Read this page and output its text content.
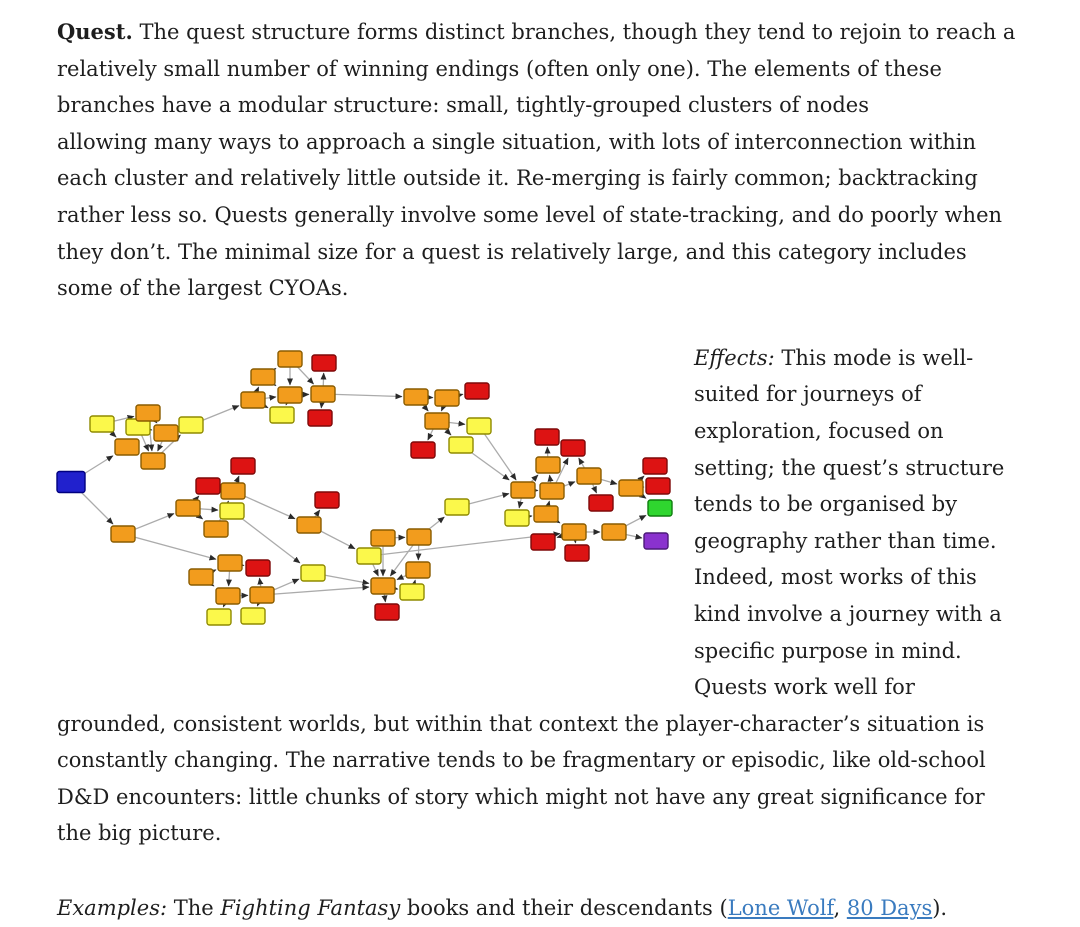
Quest. The quest structure forms distinct branches, though they tend to rejoin to reach a relatively small number of winning endings (often only one). The elements of these branches have a modular structure: small, tightly-grouped clusters of nodes
allowing many ways to approach a single situation, with lots of interconnection within each cluster and relatively little outside it. Re-merging is fairly common; backtracking rather less so. Quests generally involve some level of state-tracking, and do poorly when they don’t. The minimal size for a quest is relatively large, and this category includes some of the largest CYOAs.

Effects: This mode is well-suited for journeys of exploration, focused on setting; the quest’s structure tends to be organised by geography rather than time. Indeed, most works of this kind involve a journey with a specific purpose in mind. Quests work well for grounded, consistent worlds, but within that context the player-character’s situation is constantly changing. The narrative tends to be fragmentary or episodic, like old-school D&D encounters: little chunks of story which might not have any great significance for the big picture.

Examples: The Fighting Fantasy books and their descendants (Lone Wolf, 80 Days).
